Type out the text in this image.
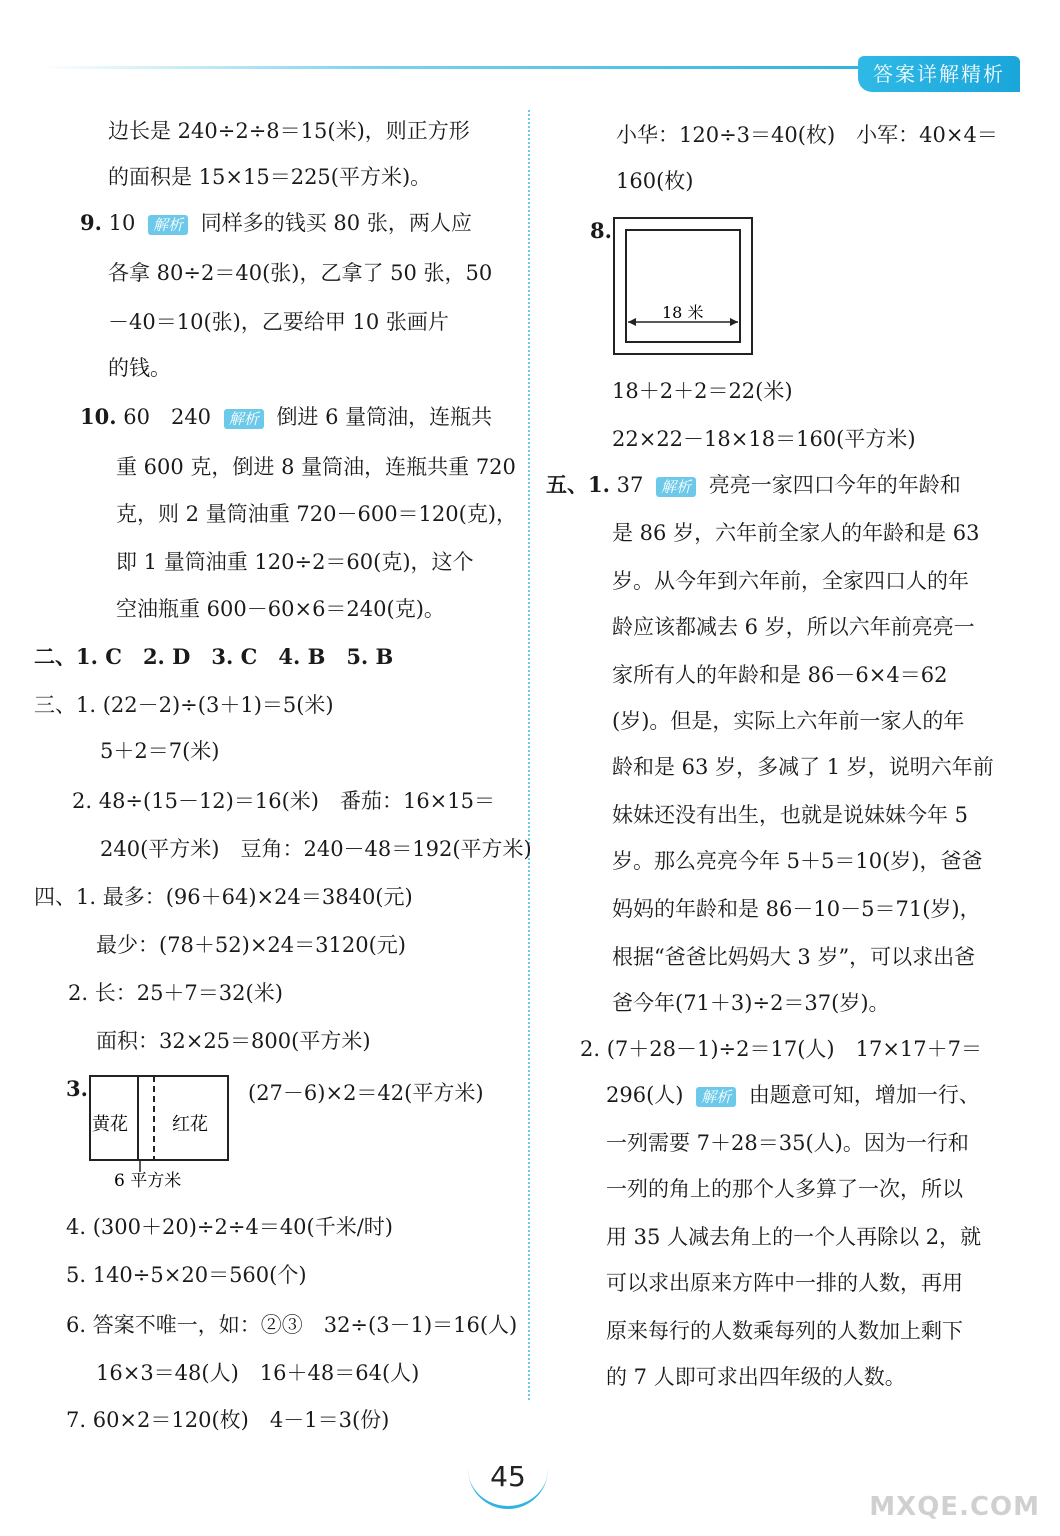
答案详解精析
边长是 240÷2÷8＝15(米)，则正方形
的面积是 15×15＝225(平方米)。
9. 10 解析 同样多的钱买 80 张，两人应
各拿 80÷2＝40(张)，乙拿了 50 张，50
－40＝10(张)，乙要给甲 10 张画片
的钱。
10. 60　240 解析 倒进 6 量筒油，连瓶共
重 600 克，倒进 8 量筒油，连瓶共重 720
克，则 2 量筒油重 720－600＝120(克)，
即 1 量筒油重 120÷2＝60(克)，这个
空油瓶重 600－60×6＝240(克)。
二、1. C　2. D　3. C　4. B　5. B
三、1. (22－2)÷(3＋1)＝5(米)
5＋2＝7(米)
2. 48÷(15－12)＝16(米)　番茄：16×15＝
240(平方米)　豆角：240－48＝192(平方米)
四、1. 最多：(96＋64)×24＝3840(元)
最少：(78＋52)×24＝3120(元)
2. 长：25＋7＝32(米)
面积：32×25＝800(平方米)
3.
黄花 红花
6 平方米
(27－6)×2＝42(平方米)
4. (300＋20)÷2÷4＝40(千米/时)
5. 140÷5×20＝560(个)
6. 答案不唯一，如：②③　32÷(3－1)＝16(人)
16×3＝48(人)　16＋48＝64(人)
7. 60×2＝120(枚)　4－1＝3(份)
小华：120÷3＝40(枚)　小军：40×4＝
160(枚)
8.
18 米
18＋2＋2＝22(米)
22×22－18×18＝160(平方米)
五、1. 37 解析 亮亮一家四口今年的年龄和
是 86 岁，六年前全家人的年龄和是 63
岁。从今年到六年前，全家四口人的年
龄应该都减去 6 岁，所以六年前亮亮一
家所有人的年龄和是 86－6×4＝62
(岁)。但是，实际上六年前一家人的年
龄和是 63 岁，多减了 1 岁，说明六年前
妹妹还没有出生，也就是说妹妹今年 5
岁。那么亮亮今年 5＋5＝10(岁)，爸爸
妈妈的年龄和是 86－10－5＝71(岁)，
根据“爸爸比妈妈大 3 岁”，可以求出爸
爸今年(71＋3)÷2＝37(岁)。
2. (7＋28－1)÷2＝17(人)　17×17＋7＝
296(人) 解析 由题意可知，增加一行、
一列需要 7＋28＝35(人)。因为一行和
一列的角上的那个人多算了一次，所以
用 35 人减去角上的一个人再除以 2，就
可以求出原来方阵中一排的人数，再用
原来每行的人数乘每列的人数加上剩下
的 7 人即可求出四年级的人数。
45
MXQE.COM
